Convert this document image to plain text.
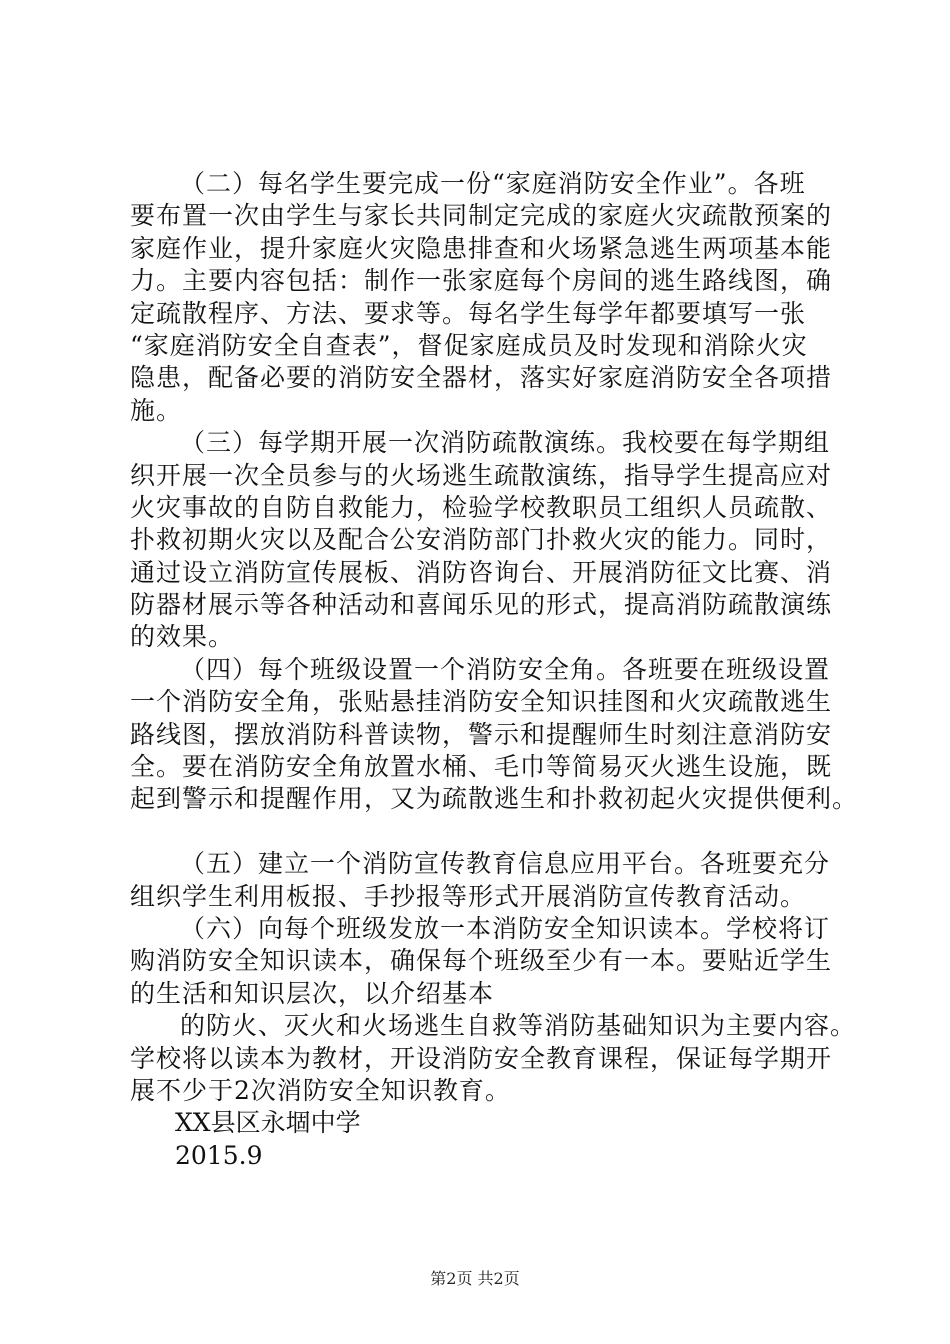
（二）每名学生要完成一份“家庭消防安全作业”。各班
要布置一次由学生与家长共同制定完成的家庭火灾疏散预案的
家庭作业，提升家庭火灾隐患排查和火场紧急逃生两项基本能
力。主要内容包括：制作一张家庭每个房间的逃生路线图，确
定疏散程序、方法、要求等。每名学生每学年都要填写一张
“家庭消防安全自查表”，督促家庭成员及时发现和消除火灾
隐患，配备必要的消防安全器材，落实好家庭消防安全各项措
施。
（三）每学期开展一次消防疏散演练。我校要在每学期组
织开展一次全员参与的火场逃生疏散演练，指导学生提高应对
火灾事故的自防自救能力，检验学校教职员工组织人员疏散、
扑救初期火灾以及配合公安消防部门扑救火灾的能力。同时，
通过设立消防宣传展板、消防咨询台、开展消防征文比赛、消
防器材展示等各种活动和喜闻乐见的形式，提高消防疏散演练
的效果。
（四）每个班级设置一个消防安全角。各班要在班级设置
一个消防安全角，张贴悬挂消防安全知识挂图和火灾疏散逃生
路线图，摆放消防科普读物，警示和提醒师生时刻注意消防安
全。要在消防安全角放置水桶、毛巾等简易灭火逃生设施，既
起到警示和提醒作用，又为疏散逃生和扑救初起火灾提供便利。
（五）建立一个消防宣传教育信息应用平台。各班要充分
组织学生利用板报、手抄报等形式开展消防宣传教育活动。
（六）向每个班级发放一本消防安全知识读本。学校将订
购消防安全知识读本，确保每个班级至少有一本。要贴近学生
的生活和知识层次，以介绍基本
的防火、灭火和火场逃生自救等消防基础知识为主要内容。
学校将以读本为教材，开设消防安全教育课程，保证每学期开
展不少于2次消防安全知识教育。
XX县区永堌中学
2015.9
第2页 共2页
